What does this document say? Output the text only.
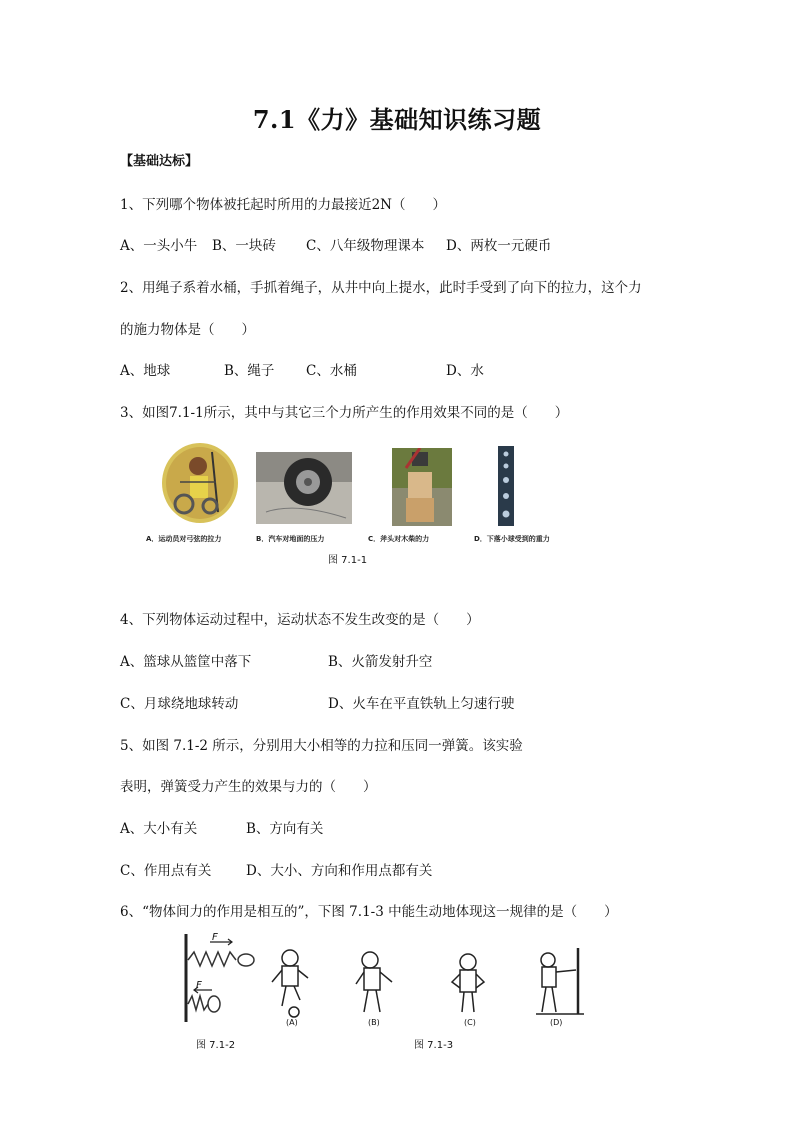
7.1《力》基础知识练习题
【基础达标】
1、下列哪个物体被托起时所用的力最接近2N（　　）
A、一头小牛 B、一块砖 C、八年级物理课本 D、两枚一元硬币
2、用绳子系着水桶，手抓着绳子，从井中向上提水，此时手受到了向下的拉力，这个力
的施力物体是（　　）
A、地球	B、绳子 C、水桶	D、水
3、如图7.1-1所示，其中与其它三个力所产生的作用效果不同的是（　　）
A．运动员对弓弦的拉力	B．汽车对地面的压力	C．斧头对木柴的力	D．下落小球受到的重力
图 7.1-1
4、下列物体运动过程中，运动状态不发生改变的是（　　）
A、篮球从篮筐中落下	B、火箭发射升空
C、月球绕地球转动	D、火车在平直铁轨上匀速行驶
5、如图 7.1-2 所示，分别用大小相等的力拉和压同一弹簧。该实验
表明，弹簧受力产生的效果与力的（　　）
A、大小有关	B、方向有关
C、作用点有关	D、大小、方向和作用点都有关
6、“物体间力的作用是相互的”，下图 7.1-3 中能生动地体现这一规律的是（　　）
F
F
(A)	(B)	(C)	(D)
图 7.1-2	图 7.1-3
